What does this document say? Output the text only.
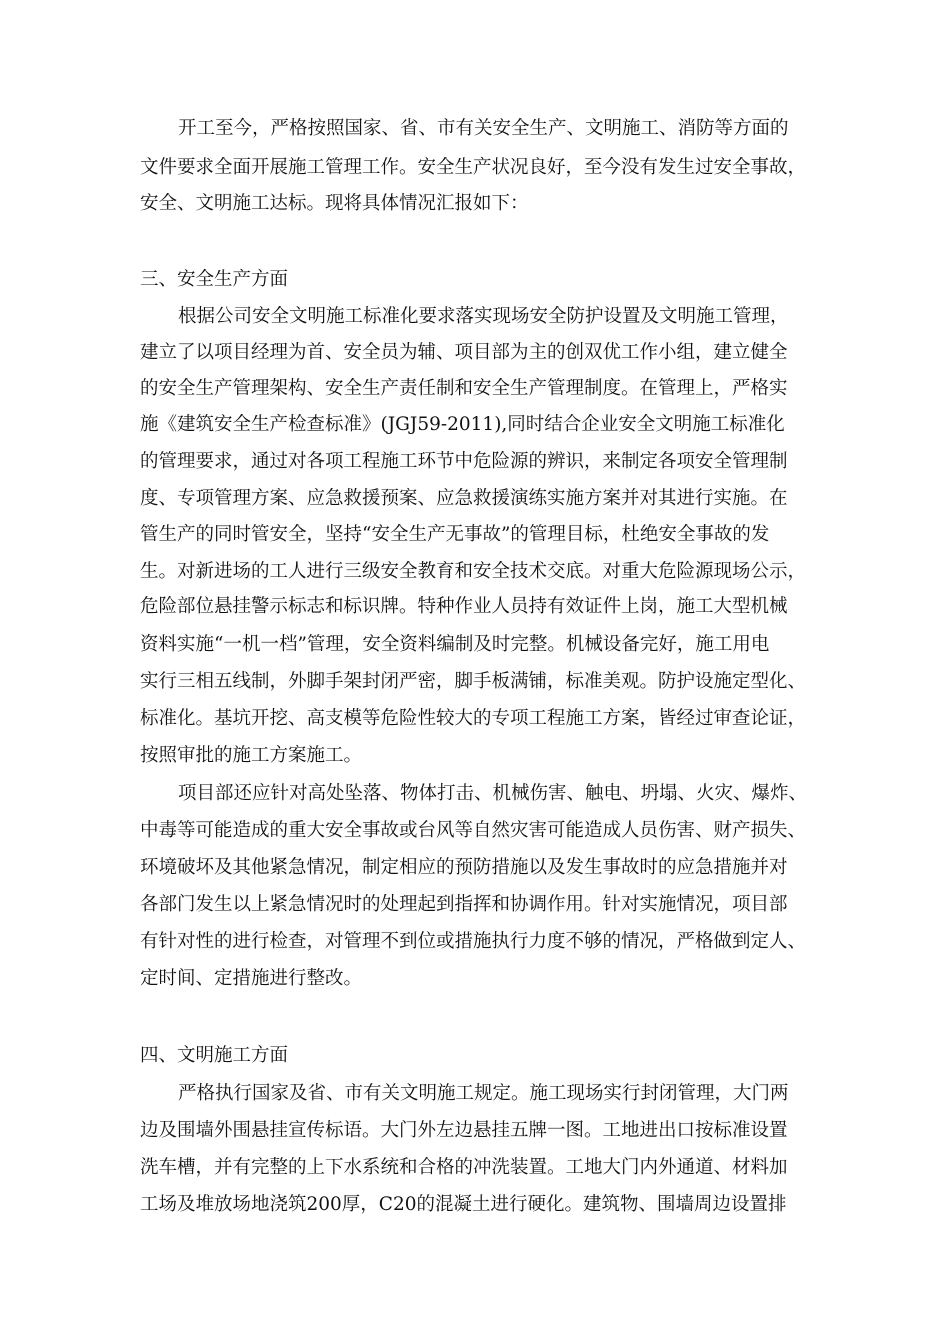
开工至今，严格按照国家、省、市有关安全生产、文明施工、消防等方面的
文件要求全面开展施工管理工作。安全生产状况良好，至今没有发生过安全事故，
安全、文明施工达标。现将具体情况汇报如下：
三、安全生产方面
根据公司安全文明施工标准化要求落实现场安全防护设置及文明施工管理，
建立了以项目经理为首、安全员为辅、项目部为主的创双优工作小组，建立健全
的安全生产管理架构、安全生产责任制和安全生产管理制度。在管理上，严格实
施《建筑安全生产检查标准》(JGJ59-2011),同时结合企业安全文明施工标准化
的管理要求，通过对各项工程施工环节中危险源的辨识，来制定各项安全管理制
度、专项管理方案、应急救援预案、应急救援演练实施方案并对其进行实施。在
管生产的同时管安全，坚持“安全生产无事故”的管理目标，杜绝安全事故的发
生。对新进场的工人进行三级安全教育和安全技术交底。对重大危险源现场公示，
危险部位悬挂警示标志和标识牌。特种作业人员持有效证件上岗，施工大型机械
资料实施“一机一档”管理，安全资料编制及时完整。机械设备完好，施工用电
实行三相五线制，外脚手架封闭严密，脚手板满铺，标准美观。防护设施定型化、
标准化。基坑开挖、高支模等危险性较大的专项工程施工方案，皆经过审查论证，
按照审批的施工方案施工。
项目部还应针对高处坠落、物体打击、机械伤害、触电、坍塌、火灾、爆炸、
中毒等可能造成的重大安全事故或台风等自然灾害可能造成人员伤害、财产损失、
环境破坏及其他紧急情况，制定相应的预防措施以及发生事故时的应急措施并对
各部门发生以上紧急情况时的处理起到指挥和协调作用。针对实施情况，项目部
有针对性的进行检查，对管理不到位或措施执行力度不够的情况，严格做到定人、
定时间、定措施进行整改。
四、文明施工方面
严格执行国家及省、市有关文明施工规定。施工现场实行封闭管理，大门两
边及围墙外围悬挂宣传标语。大门外左边悬挂五牌一图。工地进出口按标准设置
洗车槽，并有完整的上下水系统和合格的冲洗装置。工地大门内外通道、材料加
工场及堆放场地浇筑200厚，C20的混凝土进行硬化。建筑物、围墙周边设置排
